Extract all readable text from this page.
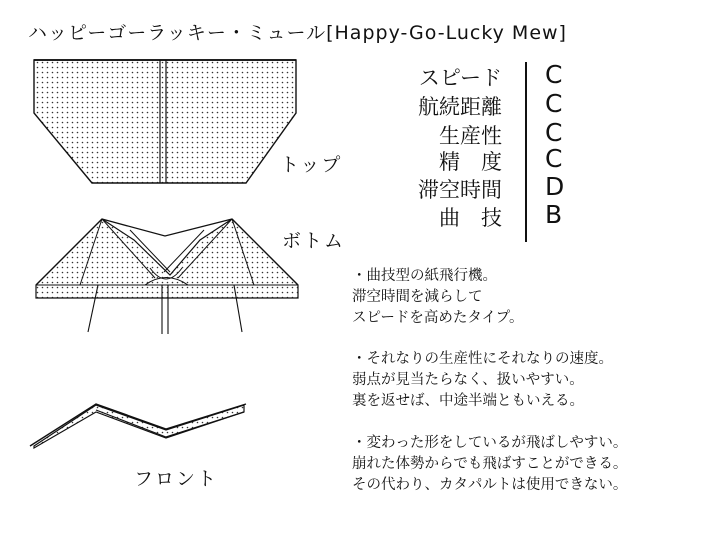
ハッピーゴーラッキー・ミュール[Happy-Go-Lucky Mew]
トップ
ボトム
フロント
スピード C
航続距離 C
生産性 C
精　度 C
滞空時間 D
曲　技 B
・曲技型の紙飛行機。
滞空時間を減らして
スピードを高めたタイプ。
・それなりの生産性にそれなりの速度。
弱点が見当たらなく、扱いやすい。
裏を返せば、中途半端ともいえる。
・変わった形をしているが飛ばしやすい。
崩れた体勢からでも飛ばすことができる。
その代わり、カタパルトは使用できない。
